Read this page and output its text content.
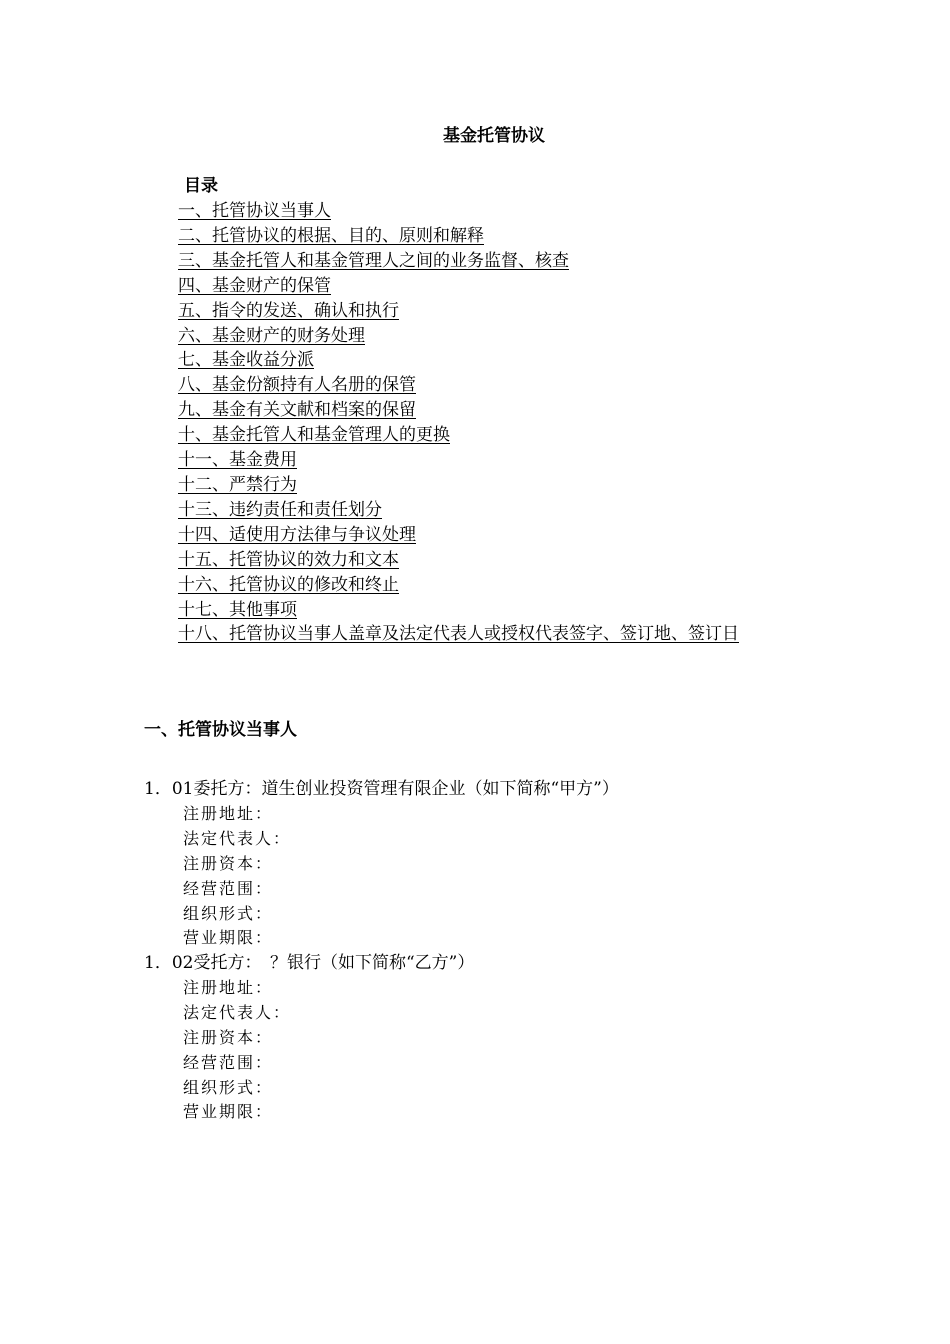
基金托管协议
目录
一、托管协议当事人
二、托管协议的根据、目的、原则和解释
三、基金托管人和基金管理人之间的业务监督、核查
四、基金财产的保管
五、指令的发送、确认和执行
六、基金财产的财务处理
七、基金收益分派
八、基金份额持有人名册的保管
九、基金有关文献和档案的保留
十、基金托管人和基金管理人的更换
十一、基金费用
十二、严禁行为
十三、违约责任和责任划分
十四、适使用方法律与争议处理
十五、托管协议的效力和文本
十六、托管协议的修改和终止
十七、其他事项
十八、托管协议当事人盖章及法定代表人或授权代表签字、签订地、签订日
一、托管协议当事人

1．01委托方：道生创业投资管理有限企业（如下简称“甲方”）

注册地址：
法定代表人：
注册资本：
经营范围：
组织形式：
营业期限：

1．02受托方：　？银行（如下简称“乙方”）

注册地址：
法定代表人：
注册资本：
经营范围：
组织形式：
营业期限：
